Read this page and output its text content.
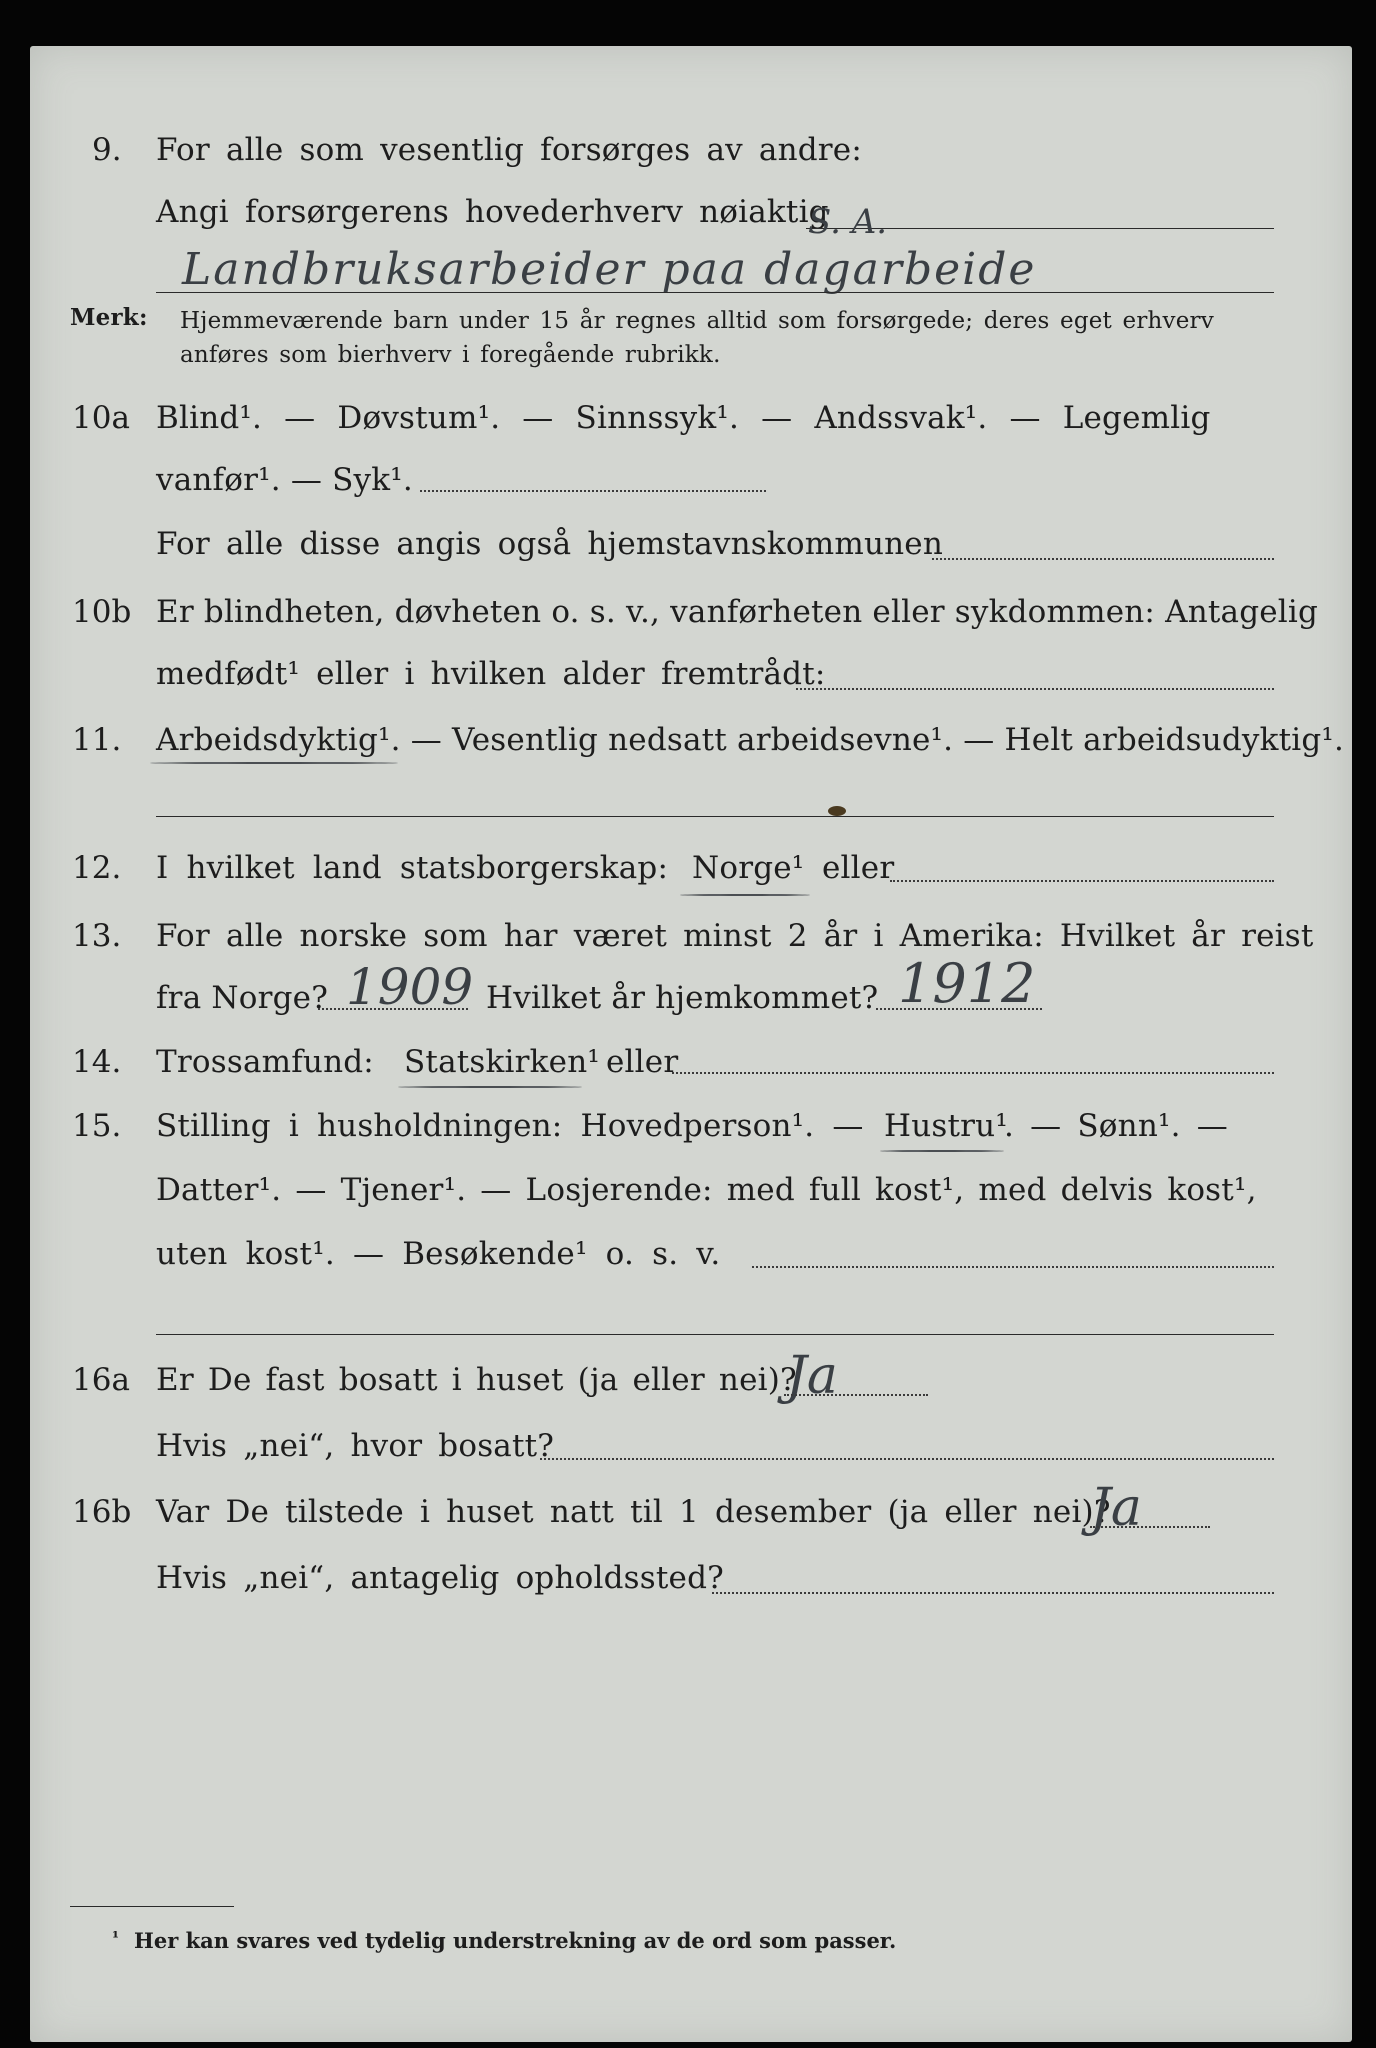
9. For alle som vesentlig forsørges av andre:
Angi forsørgerens hovederhverv nøiaktig
S. A.
Landbruksarbeider paa dagarbeide
Merk: Hjemmeværende barn under 15 år regnes alltid som forsørgede; deres eget erhverv
anføres som bierhverv i foregående rubrikk.
10a Blind¹. — Døvstum¹. — Sinnssyk¹. — Andssvak¹. — Legemlig
vanfør¹. — Syk¹.
For alle disse angis også hjemstavnskommunen
10b Er blindheten, døvheten o. s. v., vanførheten eller sykdommen: Antagelig
medfødt¹ eller i hvilken alder fremtrådt:
11. Arbeidsdyktig¹. — Vesentlig nedsatt arbeidsevne¹. — Helt arbeidsudyktig¹.
12. I hvilket land statsborgerskap: Norge¹ eller
13. For alle norske som har været minst 2 år i Amerika: Hvilket år reist
fra Norge? 1909 Hvilket år hjemkommet? 1912
14. Trossamfund: Statskirken¹ eller
15. Stilling i husholdningen: Hovedperson¹. — Hustru¹
. — Sønn¹. —
Datter¹. — Tjener¹. — Losjerende: med full kost¹, med delvis kost¹,
uten kost¹. — Besøkende¹ o. s. v.
16a Er De fast bosatt i huset (ja eller nei)?
Ja
Hvis „nei“, hvor bosatt?
16b Var De tilstede i huset natt til 1 desember (ja eller nei)?
Ja
Hvis „nei“, antagelig opholdssted?
¹ Her kan svares ved tydelig understrekning av de ord som passer.
